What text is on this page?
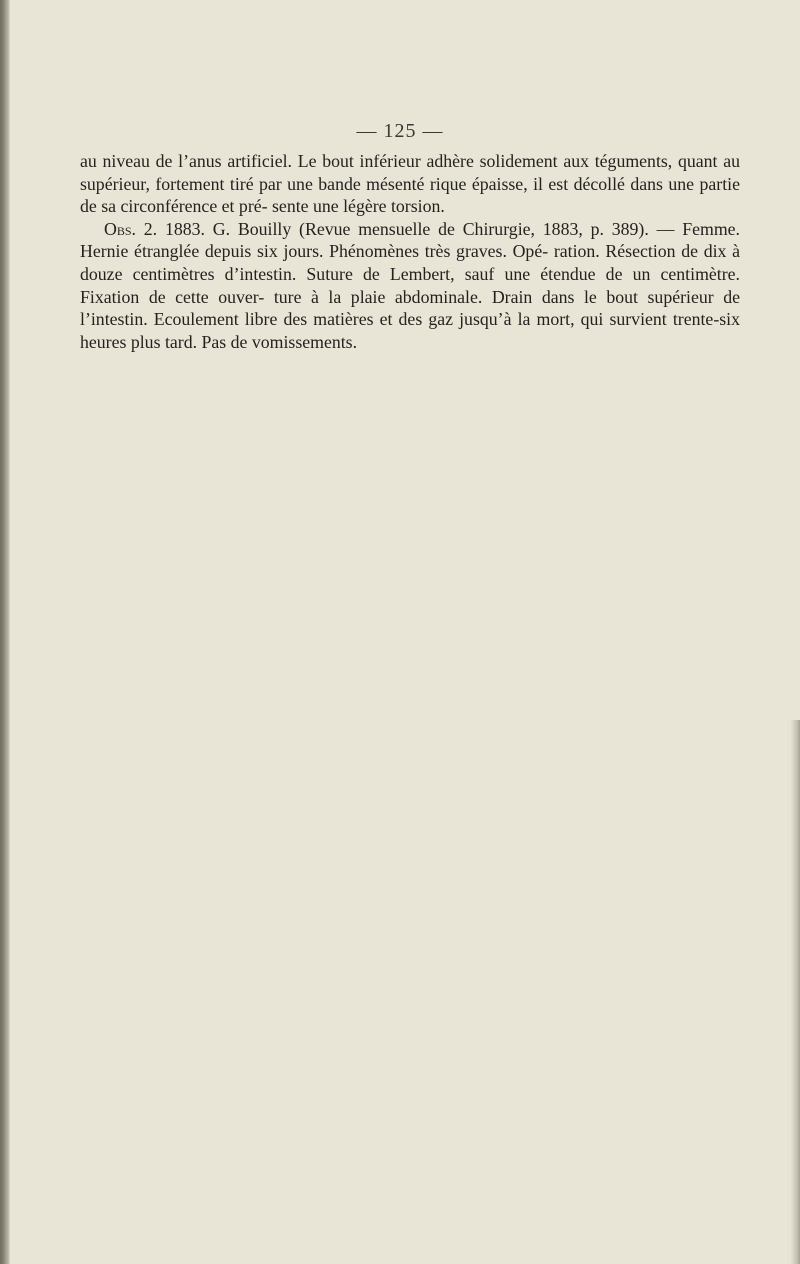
— 125 —

au niveau de l’anus artificiel. Le bout inférieur adhère solidement aux téguments, quant au supérieur, fortement tiré par une bande mésenté rique épaisse, il est décollé dans une partie de sa circonférence et pré- sente une légère torsion.

Obs. 2. 1883. G. Bouilly (Revue mensuelle de Chirurgie, 1883, p. 389). — Femme. Hernie étranglée depuis six jours. Phénomènes très graves. Opé- ration. Résection de dix à douze centimètres d’intestin. Suture de Lembert, sauf une étendue de un centimètre. Fixation de cette ouver- ture à la plaie abdominale. Drain dans le bout supérieur de l’intestin. Ecoulement libre des matières et des gaz jusqu’à la mort, qui survient trente-six heures plus tard. Pas de vomissements.
